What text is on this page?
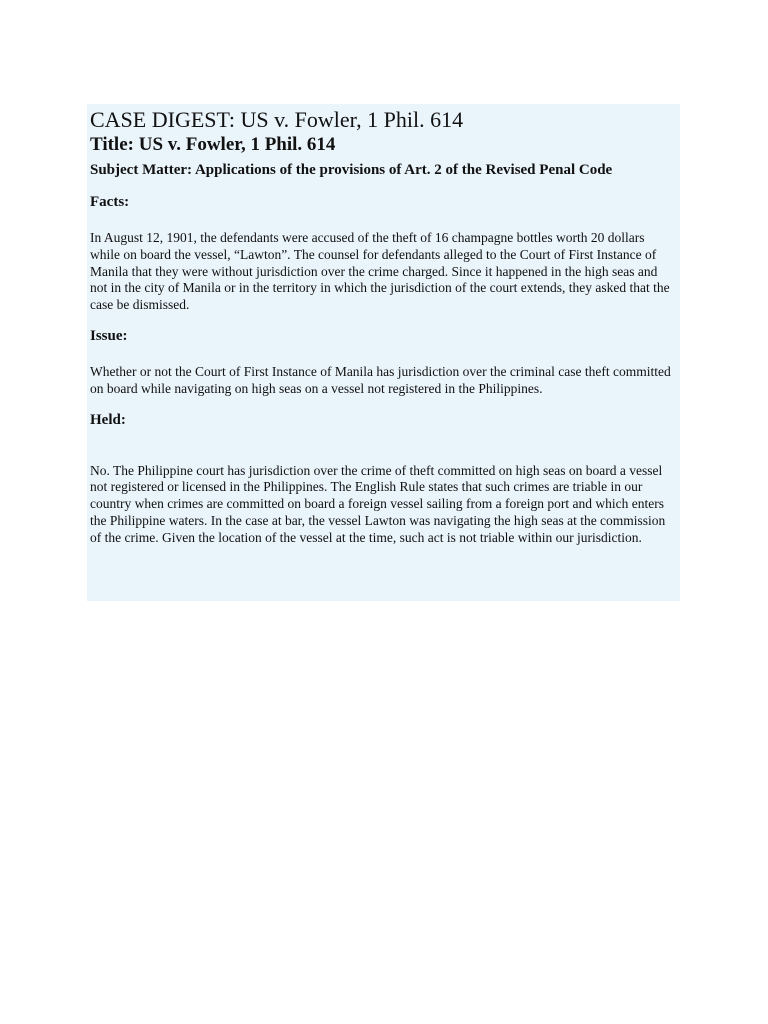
CASE DIGEST: US v. Fowler, 1 Phil. 614
Title: US v. Fowler, 1 Phil. 614

Subject Matter: Applications of the provisions of Art. 2 of the Revised Penal Code

Facts:

In August 12, 1901, the defendants were accused of the theft of 16 champagne bottles worth 20 dollars while on board the vessel, “Lawton”. The counsel for defendants alleged to the Court of First Instance of Manila that they were without jurisdiction over the crime charged. Since it happened in the high seas and not in the city of Manila or in the territory in which the jurisdiction of the court extends, they asked that the case be dismissed.

Issue:

Whether or not the Court of First Instance of Manila has jurisdiction over the criminal case theft committed on board while navigating on high seas on a vessel not registered in the Philippines.

Held:

No. The Philippine court has jurisdiction over the crime of theft committed on high seas on board a vessel not registered or licensed in the Philippines. The English Rule states that such crimes are triable in our country when crimes are committed on board a foreign vessel sailing from a foreign port and which enters the Philippine waters. In the case at bar, the vessel Lawton was navigating the high seas at the commission of the crime. Given the location of the vessel at the time, such act is not triable within our jurisdiction.
